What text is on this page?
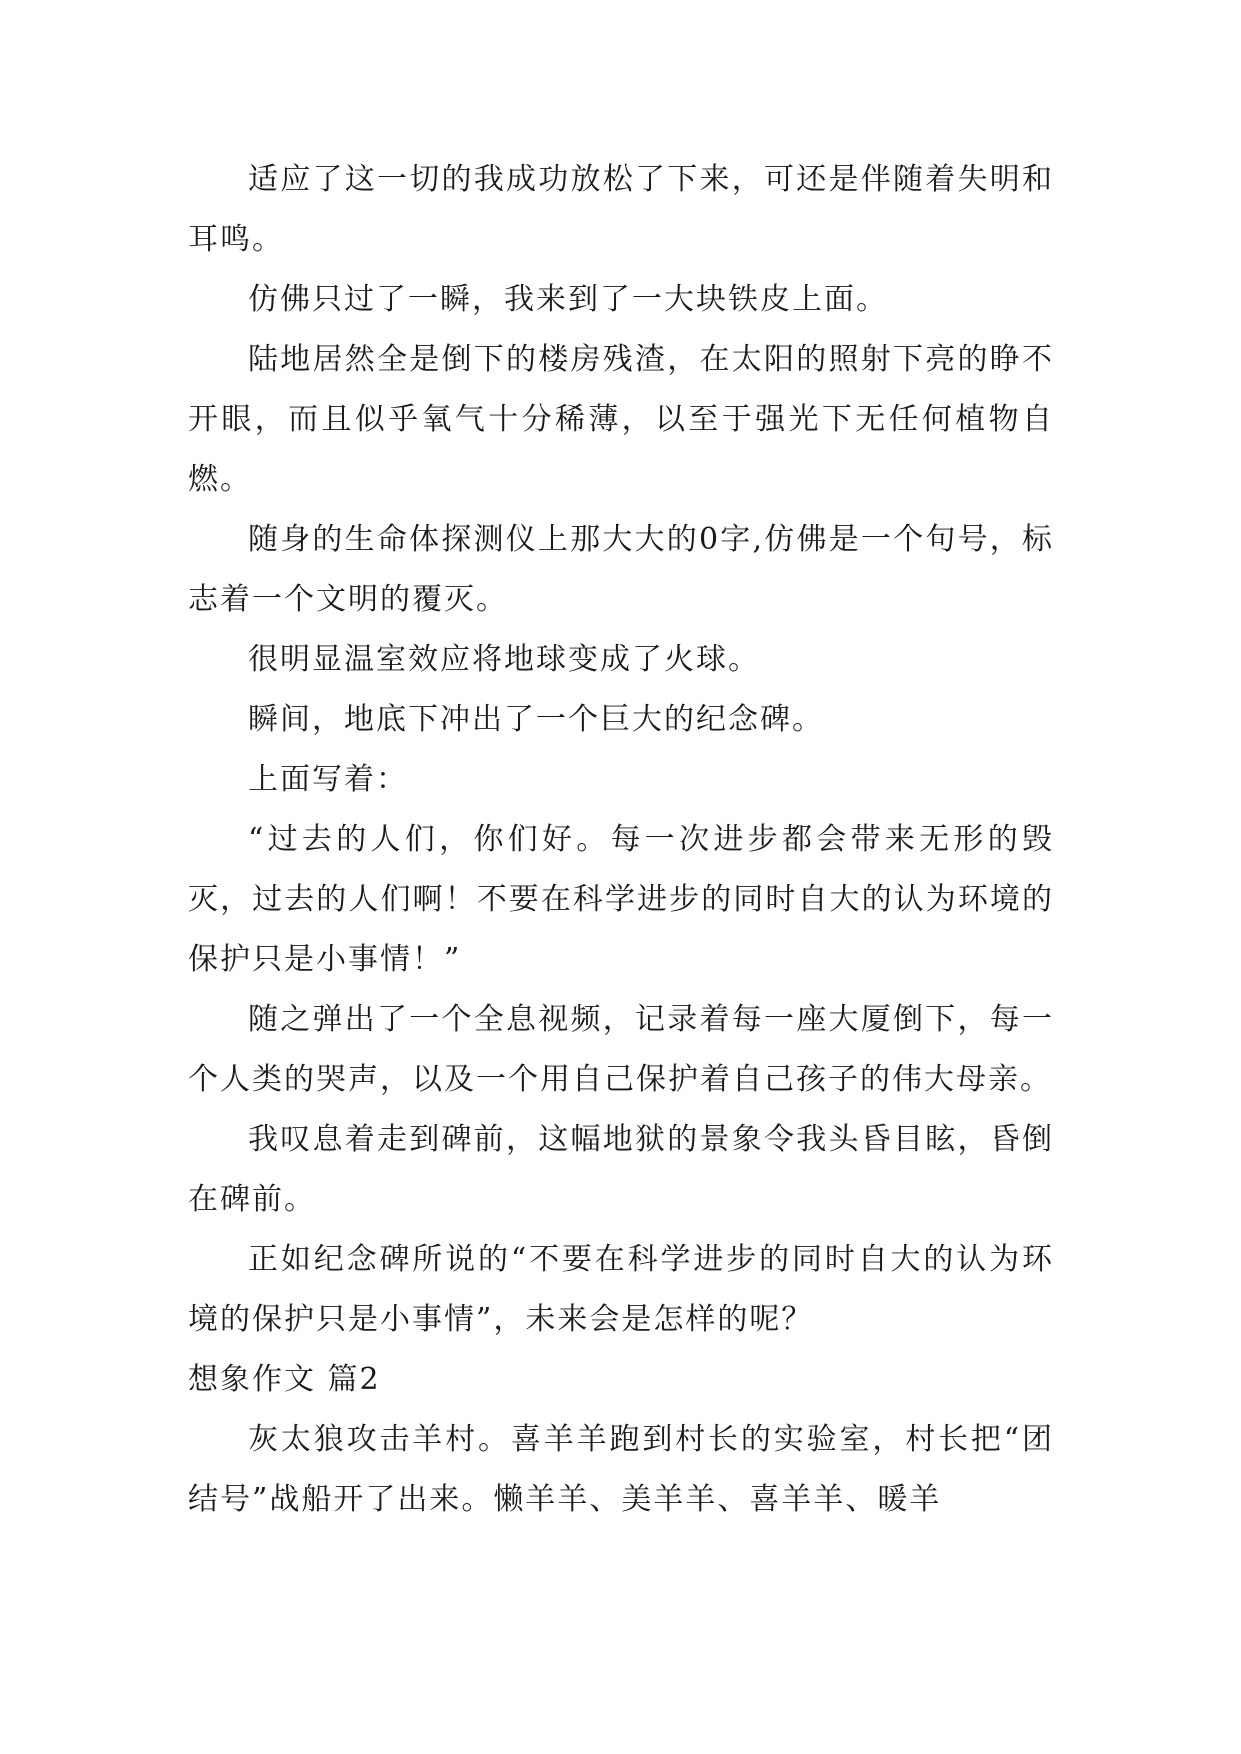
适应了这一切的我成功放松了下来，可还是伴随着失明和耳鸣。

仿佛只过了一瞬，我来到了一大块铁皮上面。

陆地居然全是倒下的楼房残渣，在太阳的照射下亮的睁不开眼，而且似乎氧气十分稀薄，以至于强光下无任何植物自燃。

随身的生命体探测仪上那大大的0字,仿佛是一个句号，标志着一个文明的覆灭。

很明显温室效应将地球变成了火球。

瞬间，地底下冲出了一个巨大的纪念碑。

上面写着：

“过去的人们，你们好。每一次进步都会带来无形的毁灭，过去的人们啊！不要在科学进步的同时自大的认为环境的保护只是小事情！”

随之弹出了一个全息视频，记录着每一座大厦倒下，每一个人类的哭声，以及一个用自己保护着自己孩子的伟大母亲。

我叹息着走到碑前，这幅地狱的景象令我头昏目眩，昏倒在碑前。

正如纪念碑所说的“不要在科学进步的同时自大的认为环境的保护只是小事情”，未来会是怎样的呢？

想象作文 篇2

灰太狼攻击羊村。喜羊羊跑到村长的实验室，村长把“团结号”战船开了出来。懒羊羊、美羊羊、喜羊羊、暖羊
